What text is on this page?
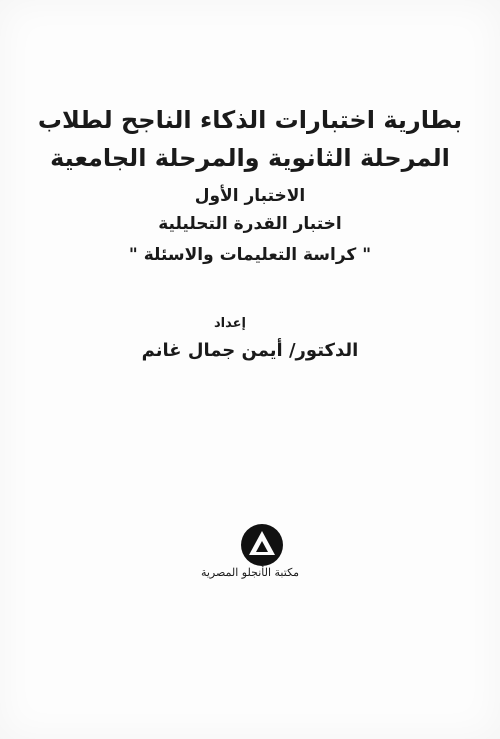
بطارية اختبارات الذكاء الناجح لطلاب
المرحلة الثانوية والمرحلة الجامعية
الاختبار الأول
اختبار القدرة التحليلية
" كراسة التعليمات والاسئلة "
إعداد
الدكتور/ أيمن جمال غانم
مكتبة الأنجلو المصرية
